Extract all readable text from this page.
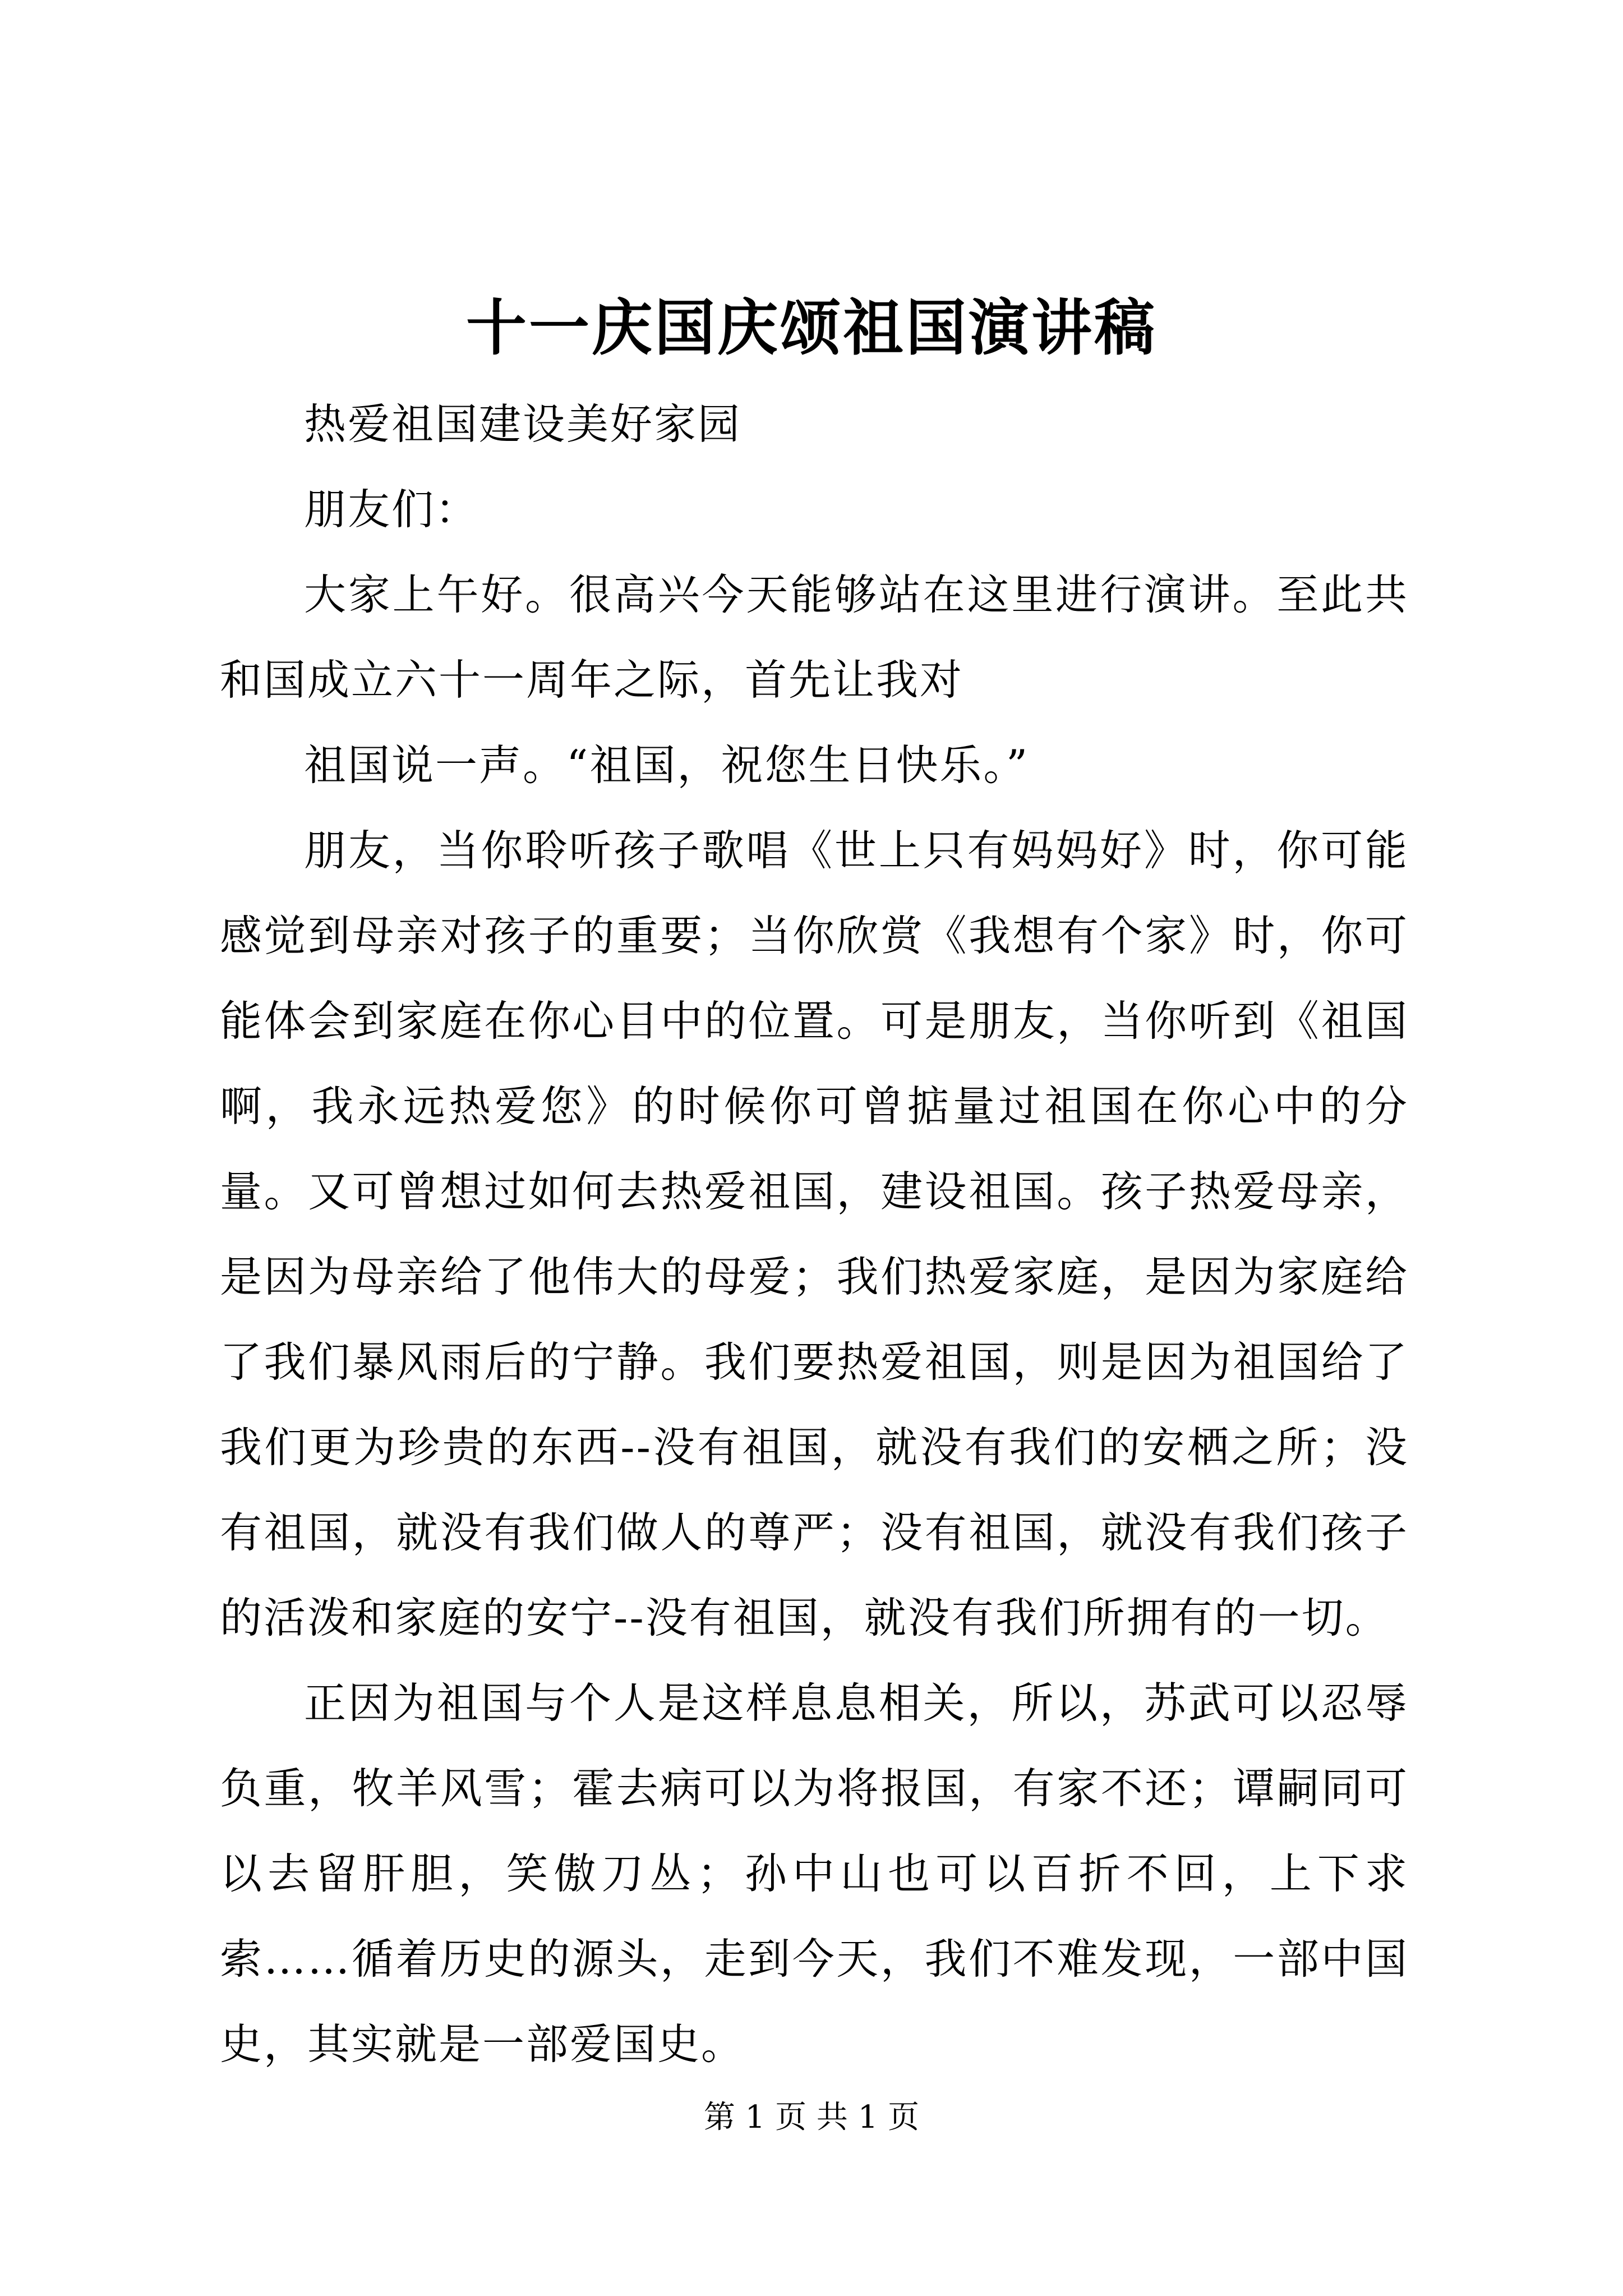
十一庆国庆颂祖国演讲稿

热爱祖国建设美好家园

朋友们：

大家上午好。很高兴今天能够站在这里进行演讲。至此共和国成立六十一周年之际，首先让我对

祖国说一声。“祖国，祝您生日快乐。”

朋友，当你聆听孩子歌唱《世上只有妈妈好》时，你可能感觉到母亲对孩子的重要；当你欣赏《我想有个家》时，你可能体会到家庭在你心目中的位置。可是朋友，当你听到《祖国啊，我永远热爱您》的时候你可曾掂量过祖国在你心中的分量。又可曾想过如何去热爱祖国，建设祖国。孩子热爱母亲，是因为母亲给了他伟大的母爱；我们热爱家庭，是因为家庭给了我们暴风雨后的宁静。我们要热爱祖国，则是因为祖国给了我们更为珍贵的东西--没有祖国，就没有我们的安栖之所；没有祖国，就没有我们做人的尊严；没有祖国，就没有我们孩子的活泼和家庭的安宁--没有祖国，就没有我们所拥有的一切。

正因为祖国与个人是这样息息相关，所以，苏武可以忍辱负重，牧羊风雪；霍去病可以为将报国，有家不还；谭嗣同可以去留肝胆，笑傲刀丛；孙中山也可以百折不回，上下求索……循着历史的源头，走到今天，我们不难发现，一部中国史，其实就是一部爱国史。

第 1 页 共 1 页
